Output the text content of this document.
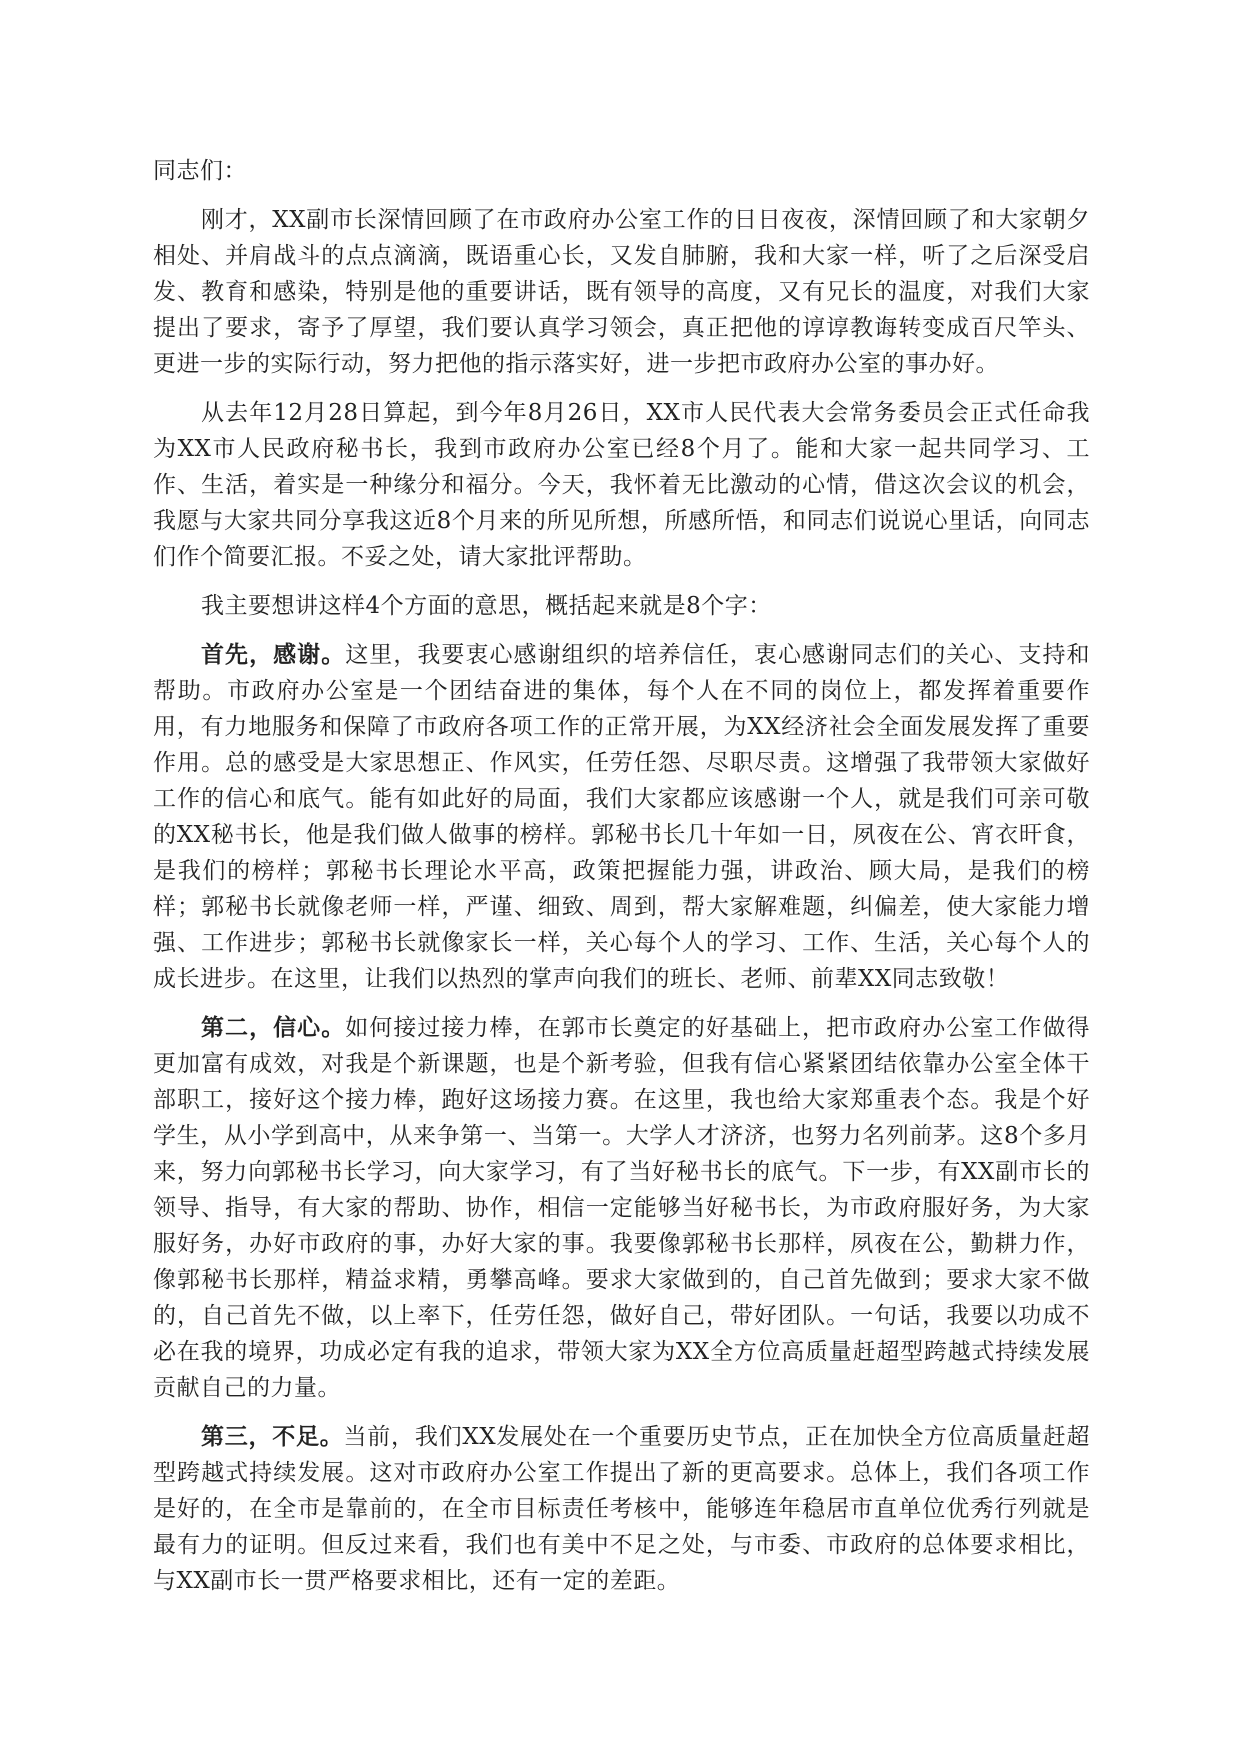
同志们：

刚才，XX副市长深情回顾了在市政府办公室工作的日日夜夜，深情回顾了和大家朝夕相处、并肩战斗的点点滴滴，既语重心长，又发自肺腑，我和大家一样，听了之后深受启发、教育和感染，特别是他的重要讲话，既有领导的高度，又有兄长的温度，对我们大家提出了要求，寄予了厚望，我们要认真学习领会，真正把他的谆谆教诲转变成百尺竿头、更进一步的实际行动，努力把他的指示落实好，进一步把市政府办公室的事办好。

从去年12月28日算起，到今年8月26日，XX市人民代表大会常务委员会正式任命我为XX市人民政府秘书长，我到市政府办公室已经8个月了。能和大家一起共同学习、工作、生活，着实是一种缘分和福分。今天，我怀着无比激动的心情，借这次会议的机会，我愿与大家共同分享我这近8个月来的所见所想，所感所悟，和同志们说说心里话，向同志们作个简要汇报。不妥之处，请大家批评帮助。

我主要想讲这样4个方面的意思，概括起来就是8个字：

首先，感谢。这里，我要衷心感谢组织的培养信任，衷心感谢同志们的关心、支持和帮助。市政府办公室是一个团结奋进的集体，每个人在不同的岗位上，都发挥着重要作用，有力地服务和保障了市政府各项工作的正常开展，为XX经济社会全面发展发挥了重要作用。总的感受是大家思想正、作风实，任劳任怨、尽职尽责。这增强了我带领大家做好工作的信心和底气。能有如此好的局面，我们大家都应该感谢一个人，就是我们可亲可敬的XX秘书长，他是我们做人做事的榜样。郭秘书长几十年如一日，夙夜在公、宵衣旰食，是我们的榜样；郭秘书长理论水平高，政策把握能力强，讲政治、顾大局，是我们的榜样；郭秘书长就像老师一样，严谨、细致、周到，帮大家解难题，纠偏差，使大家能力增强、工作进步；郭秘书长就像家长一样，关心每个人的学习、工作、生活，关心每个人的成长进步。在这里，让我们以热烈的掌声向我们的班长、老师、前辈XX同志致敬！

第二，信心。如何接过接力棒，在郭市长奠定的好基础上，把市政府办公室工作做得更加富有成效，对我是个新课题，也是个新考验，但我有信心紧紧团结依靠办公室全体干部职工，接好这个接力棒，跑好这场接力赛。在这里，我也给大家郑重表个态。我是个好学生，从小学到高中，从来争第一、当第一。大学人才济济，也努力名列前茅。这8个多月来，努力向郭秘书长学习，向大家学习，有了当好秘书长的底气。下一步，有XX副市长的领导、指导，有大家的帮助、协作，相信一定能够当好秘书长，为市政府服好务，为大家服好务，办好市政府的事，办好大家的事。我要像郭秘书长那样，夙夜在公，勤耕力作，像郭秘书长那样，精益求精，勇攀高峰。要求大家做到的，自己首先做到；要求大家不做的，自己首先不做，以上率下，任劳任怨，做好自己，带好团队。一句话，我要以功成不必在我的境界，功成必定有我的追求，带领大家为XX全方位高质量赶超型跨越式持续发展贡献自己的力量。

第三，不足。当前，我们XX发展处在一个重要历史节点，正在加快全方位高质量赶超型跨越式持续发展。这对市政府办公室工作提出了新的更高要求。总体上，我们各项工作是好的，在全市是靠前的，在全市目标责任考核中，能够连年稳居市直单位优秀行列就是最有力的证明。但反过来看，我们也有美中不足之处，与市委、市政府的总体要求相比，与XX副市长一贯严格要求相比，还有一定的差距。
